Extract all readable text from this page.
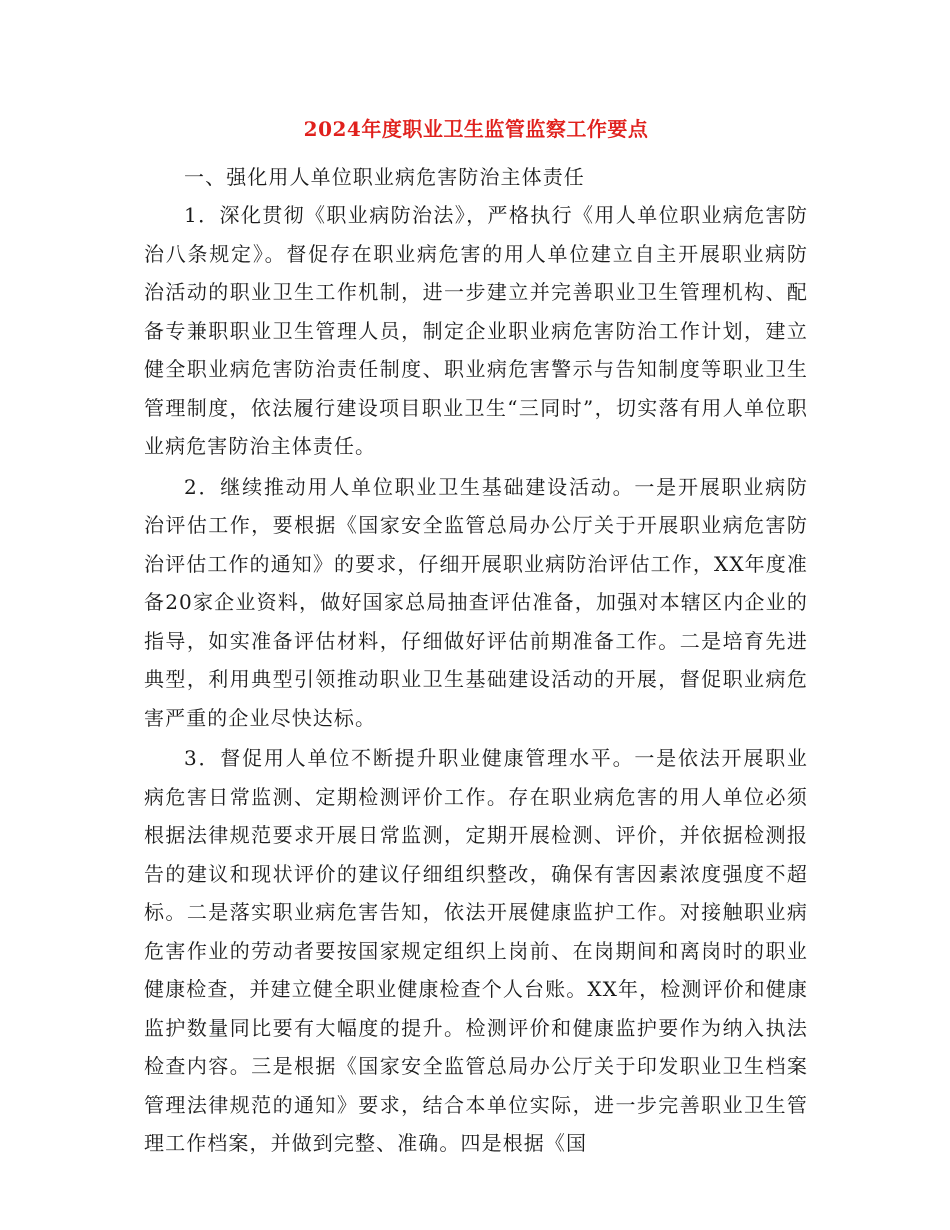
2024年度职业卫生监管监察工作要点

一、强化用人单位职业病危害防治主体责任

1．深化贯彻《职业病防治法》，严格执行《用人单位职业病危害防治八条规定》。督促存在职业病危害的用人单位建立自主开展职业病防治活动的职业卫生工作机制，进一步建立并完善职业卫生管理机构、配备专兼职职业卫生管理人员，制定企业职业病危害防治工作计划，建立健全职业病危害防治责任制度、职业病危害警示与告知制度等职业卫生管理制度，依法履行建设项目职业卫生“三同时”，切实落有用人单位职业病危害防治主体责任。

2．继续推动用人单位职业卫生基础建设活动。一是开展职业病防治评估工作，要根据《国家安全监管总局办公厅关于开展职业病危害防治评估工作的通知》的要求，仔细开展职业病防治评估工作，XX年度准备20家企业资料，做好国家总局抽查评估准备，加强对本辖区内企业的指导，如实准备评估材料，仔细做好评估前期准备工作。二是培育先进典型，利用典型引领推动职业卫生基础建设活动的开展，督促职业病危害严重的企业尽快达标。

3．督促用人单位不断提升职业健康管理水平。一是依法开展职业病危害日常监测、定期检测评价工作。存在职业病危害的用人单位必须根据法律规范要求开展日常监测，定期开展检测、评价，并依据检测报告的建议和现状评价的建议仔细组织整改，确保有害因素浓度强度不超标。二是落实职业病危害告知，依法开展健康监护工作。对接触职业病危害作业的劳动者要按国家规定组织上岗前、在岗期间和离岗时的职业健康检查，并建立健全职业健康检查个人台账。XX年，检测评价和健康监护数量同比要有大幅度的提升。检测评价和健康监护要作为纳入执法检查内容。三是根据《国家安全监管总局办公厅关于印发职业卫生档案管理法律规范的通知》要求，结合本单位实际，进一步完善职业卫生管理工作档案，并做到完整、准确。四是根据《国
